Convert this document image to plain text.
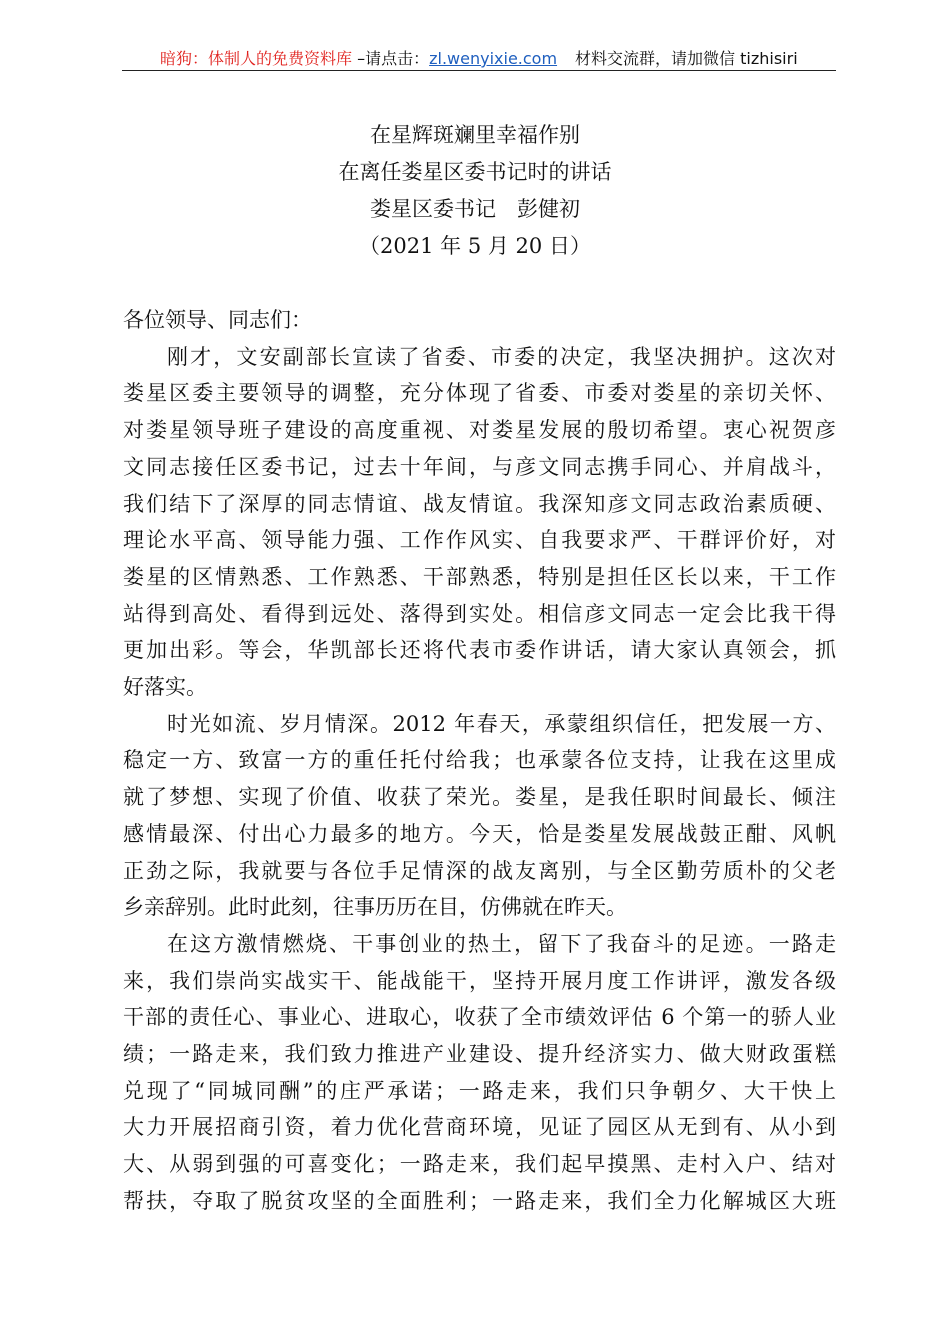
暗狗：体制人的免费资料库 –请点击：zl.wenyixie.com 材料交流群，请加微信 tizhisiri
在星辉斑斓里幸福作别
在离任娄星区委书记时的讲话
娄星区委书记　彭健初
（2021 年 5 月 20 日）
各位领导、同志们：
刚才，文安副部长宣读了省委、市委的决定，我坚决拥护。这次对
娄星区委主要领导的调整，充分体现了省委、市委对娄星的亲切关怀、
对娄星领导班子建设的高度重视、对娄星发展的殷切希望。衷心祝贺彦
文同志接任区委书记，过去十年间，与彦文同志携手同心、并肩战斗，
我们结下了深厚的同志情谊、战友情谊。我深知彦文同志政治素质硬、
理论水平高、领导能力强、工作作风实、自我要求严、干群评价好，对
娄星的区情熟悉、工作熟悉、干部熟悉，特别是担任区长以来，干工作
站得到高处、看得到远处、落得到实处。相信彦文同志一定会比我干得
更加出彩。等会，华凯部长还将代表市委作讲话，请大家认真领会，抓
好落实。
时光如流、岁月情深。2012 年春天，承蒙组织信任，把发展一方、
稳定一方、致富一方的重任托付给我；也承蒙各位支持，让我在这里成
就了梦想、实现了价值、收获了荣光。娄星，是我任职时间最长、倾注
感情最深、付出心力最多的地方。今天，恰是娄星发展战鼓正酣、风帆
正劲之际，我就要与各位手足情深的战友离别，与全区勤劳质朴的父老
乡亲辞别。此时此刻，往事历历在目，仿佛就在昨天。
在这方激情燃烧、干事创业的热土，留下了我奋斗的足迹。一路走
来，我们崇尚实战实干、能战能干，坚持开展月度工作讲评，激发各级
干部的责任心、事业心、进取心，收获了全市绩效评估 6 个第一的骄人业
绩；一路走来，我们致力推进产业建设、提升经济实力、做大财政蛋糕
兑现了“同城同酬”的庄严承诺；一路走来，我们只争朝夕、大干快上
大力开展招商引资，着力优化营商环境，见证了园区从无到有、从小到
大、从弱到强的可喜变化；一路走来，我们起早摸黑、走村入户、结对
帮扶，夺取了脱贫攻坚的全面胜利；一路走来，我们全力化解城区大班
